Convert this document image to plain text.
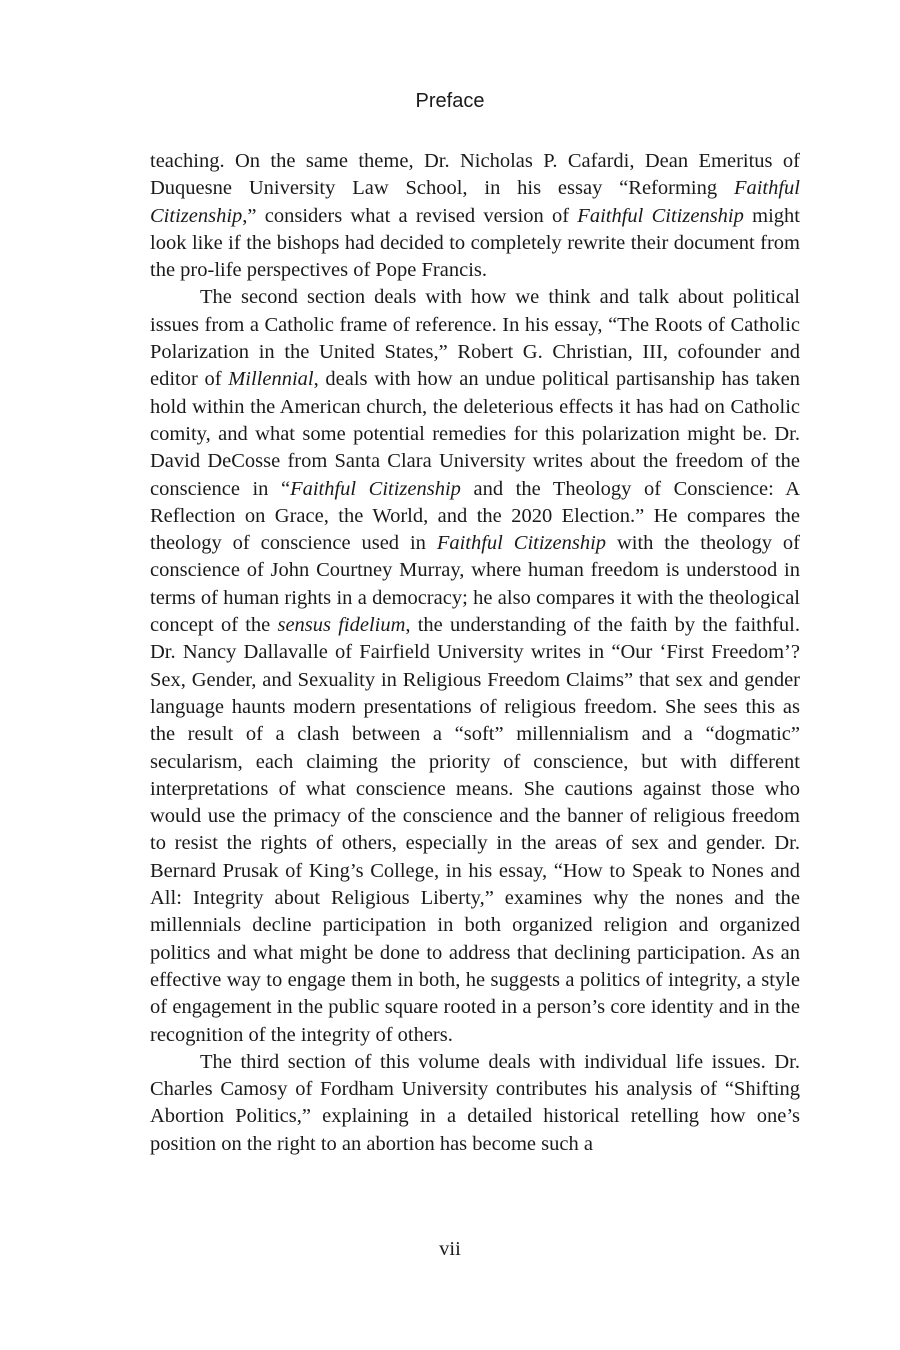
Preface

teaching. On the same theme, Dr. Nicholas P. Cafardi, Dean Emeritus of Duquesne University Law School, in his essay “Reforming Faithful Citizenship,” considers what a revised version of Faithful Citizenship might look like if the bishops had decided to completely rewrite their document from the pro-life perspectives of Pope Francis.

The second section deals with how we think and talk about political issues from a Catholic frame of reference. In his essay, “The Roots of Catholic Polarization in the United States,” Robert G. Christian, III, cofounder and editor of Millennial, deals with how an undue political partisanship has taken hold within the American church, the deleterious effects it has had on Catholic comity, and what some potential remedies for this polarization might be. Dr. David DeCosse from Santa Clara University writes about the freedom of the conscience in “Faithful Citizenship and the Theology of Conscience: A Reflection on Grace, the World, and the 2020 Election.” He compares the theology of conscience used in Faithful Citizenship with the theology of conscience of John Courtney Murray, where human freedom is understood in terms of human rights in a democracy; he also compares it with the theological concept of the sensus fidelium, the understanding of the faith by the faithful. Dr. Nancy Dallavalle of Fairfield University writes in “Our ‘First Freedom’? Sex, Gender, and Sexuality in Religious Freedom Claims” that sex and gender language haunts modern presentations of religious freedom. She sees this as the result of a clash between a “soft” millennialism and a “dogmatic” secularism, each claiming the priority of conscience, but with different interpretations of what conscience means. She cautions against those who would use the primacy of the conscience and the banner of religious freedom to resist the rights of others, especially in the areas of sex and gender. Dr. Bernard Prusak of King’s College, in his essay, “How to Speak to Nones and All: Integrity about Religious Liberty,” examines why the nones and the millennials decline participation in both organized religion and organized politics and what might be done to address that declining participation. As an effective way to engage them in both, he suggests a politics of integrity, a style of engagement in the public square rooted in a person’s core identity and in the recognition of the integrity of others.

The third section of this volume deals with individual life issues. Dr. Charles Camosy of Fordham University contributes his analysis of “Shifting Abortion Politics,” explaining in a detailed historical retelling how one’s position on the right to an abortion has become such a

vii
